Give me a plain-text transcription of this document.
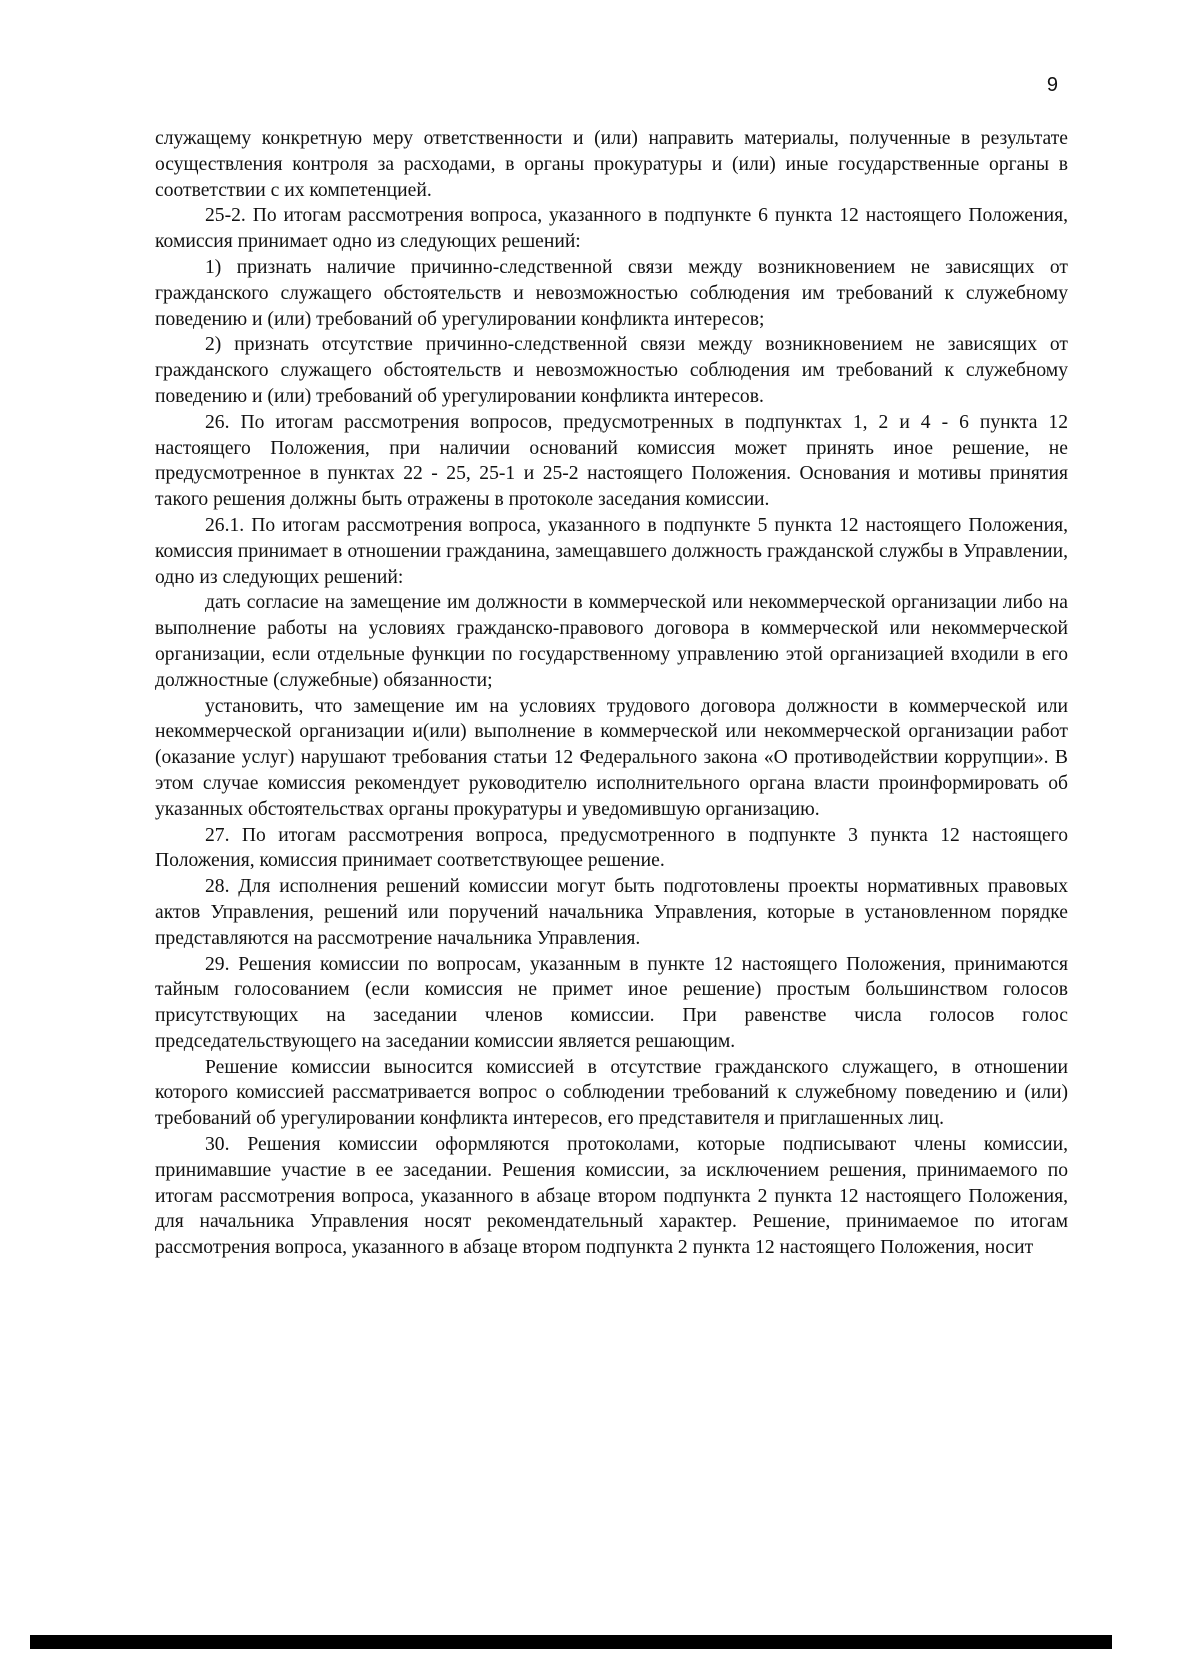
9

служащему конкретную меру ответственности и (или) направить материалы, полученные в результате осуществления контроля за расходами, в органы прокуратуры и (или) иные государственные органы в соответствии с их компетенцией.

25-2. По итогам рассмотрения вопроса, указанного в подпункте 6 пункта 12 настоящего Положения, комиссия принимает одно из следующих решений:

1) признать наличие причинно-следственной связи между возникновением не зависящих от гражданского служащего обстоятельств и невозможностью соблюдения им требований к служебному поведению и (или) требований об урегулировании конфликта интересов;

2) признать отсутствие причинно-следственной связи между возникновением не зависящих от гражданского служащего обстоятельств и невозможностью соблюдения им требований к служебному поведению и (или) требований об урегулировании конфликта интересов.

26. По итогам рассмотрения вопросов, предусмотренных в подпунктах 1, 2 и 4 - 6 пункта 12 настоящего Положения, при наличии оснований комиссия может принять иное решение, не предусмотренное в пунктах 22 - 25, 25-1 и 25-2 настоящего Положения. Основания и мотивы принятия такого решения должны быть отражены в протоколе заседания комиссии.

26.1. По итогам рассмотрения вопроса, указанного в подпункте 5 пункта 12 настоящего Положения, комиссия принимает в отношении гражданина, замещавшего должность гражданской службы в Управлении, одно из следующих решений:

дать согласие на замещение им должности в коммерческой или некоммерческой организации либо на выполнение работы на условиях гражданско-правового договора в коммерческой или некоммерческой организации, если отдельные функции по государственному управлению этой организацией входили в его должностные (служебные) обязанности;

установить, что замещение им на условиях трудового договора должности в коммерческой или некоммерческой организации и(или) выполнение в коммерческой или некоммерческой организации работ (оказание услуг) нарушают требования статьи 12 Федерального закона «О противодействии коррупции». В этом случае комиссия рекомендует руководителю исполнительного органа власти проинформировать об указанных обстоятельствах органы прокуратуры и уведомившую организацию.

27. По итогам рассмотрения вопроса, предусмотренного в подпункте 3 пункта 12 настоящего Положения, комиссия принимает соответствующее решение.

28. Для исполнения решений комиссии могут быть подготовлены проекты нормативных правовых актов Управления, решений или поручений начальника Управления, которые в установленном порядке представляются на рассмотрение начальника Управления.

29. Решения комиссии по вопросам, указанным в пункте 12 настоящего Положения, принимаются тайным голосованием (если комиссия не примет иное решение) простым большинством голосов присутствующих на заседании членов комиссии. При равенстве числа голосов голос председательствующего на заседании комиссии является решающим.

Решение комиссии выносится комиссией в отсутствие гражданского служащего, в отношении которого комиссией рассматривается вопрос о соблюдении требований к служебному поведению и (или) требований об урегулировании конфликта интересов, его представителя и приглашенных лиц.

30. Решения комиссии оформляются протоколами, которые подписывают члены комиссии, принимавшие участие в ее заседании. Решения комиссии, за исключением решения, принимаемого по итогам рассмотрения вопроса, указанного в абзаце втором подпункта 2 пункта 12 настоящего Положения, для начальника Управления носят рекомендательный характер. Решение, принимаемое по итогам рассмотрения вопроса, указанного в абзаце втором подпункта 2 пункта 12 настоящего Положения, носит
